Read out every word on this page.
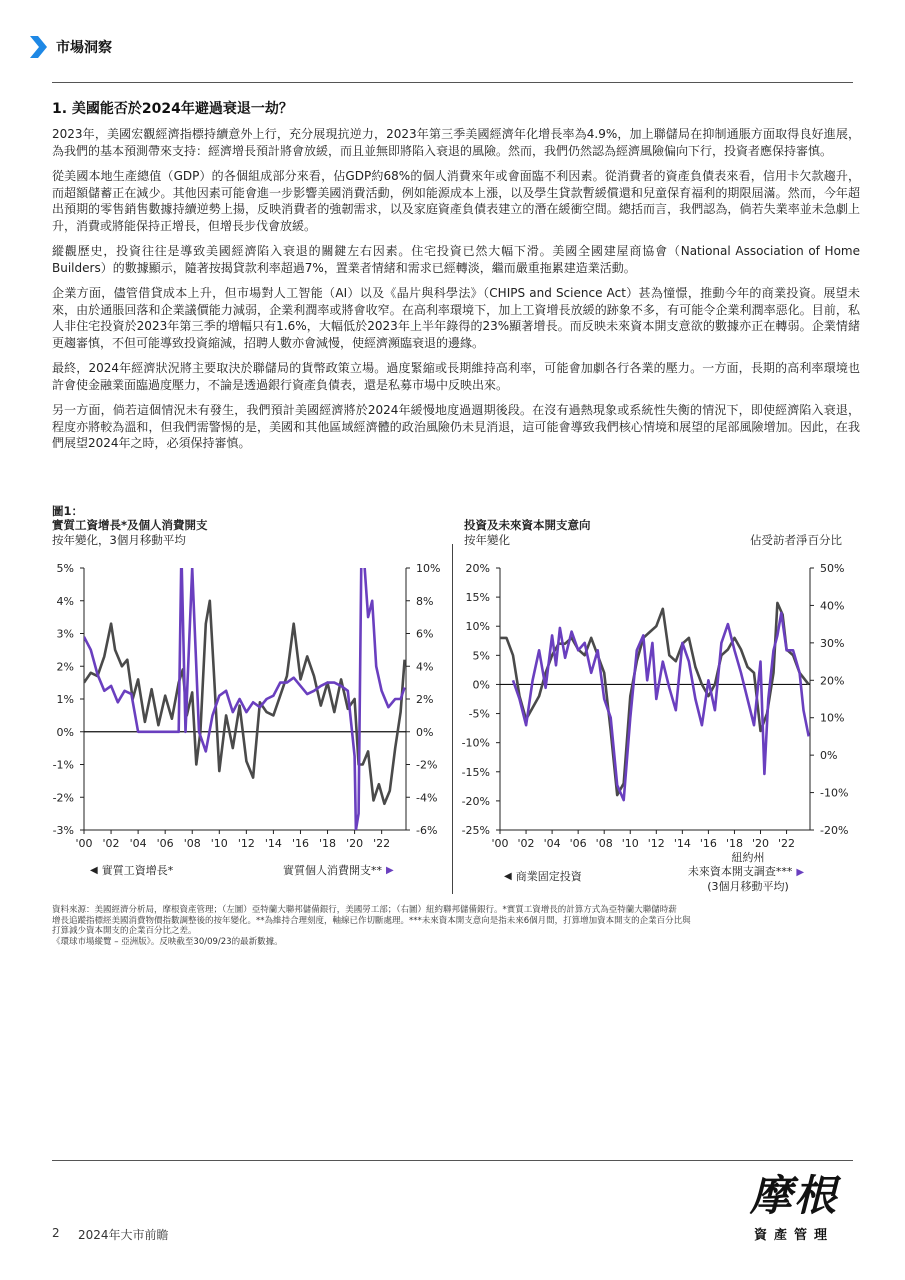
市場洞察
1. 美國能否於2024年避過衰退一劫？

2023年，美國宏觀經濟指標持續意外上行，充分展現抗逆力，2023年第三季美國經濟年化增長率為4.9%，加上聯儲局在抑制通脹方面取得良好進展，為我們的基本預測帶來支持：經濟增長預計將會放緩，而且並無即將陷入衰退的風險。然而，我們仍然認為經濟風險偏向下行，投資者應保持審慎。

從美國本地生產總值（GDP）的各個組成部分來看，佔GDP約68%的個人消費來年或會面臨不利因素。從消費者的資產負債表來看，信用卡欠款趨升，而超額儲蓄正在減少。其他因素可能會進一步影響美國消費活動，例如能源成本上漲，以及學生貸款暫緩償還和兒童保育福利的期限屆滿。然而，今年超出預期的零售銷售數據持續逆勢上揚，反映消費者的強韌需求，以及家庭資產負債表建立的潛在緩衝空間。總括而言，我們認為，倘若失業率並未急劇上升，消費或將能保持正增長，但增長步伐會放緩。

縱觀歷史，投資往往是導致美國經濟陷入衰退的關鍵左右因素。住宅投資已然大幅下滑。美國全國建屋商協會（National Association of Home Builders）的數據顯示，隨著按揭貸款利率超過7%，置業者情緒和需求已經轉淡，繼而嚴重拖累建造業活動。

企業方面，儘管借貸成本上升，但市場對人工智能（AI）以及《晶片與科學法》（CHIPS and Science Act）甚為憧憬，推動今年的商業投資。展望未來，由於通脹回落和企業議價能力減弱，企業利潤率或將會收窄。在高利率環境下，加上工資增長放緩的跡象不多，有可能令企業利潤率惡化。目前，私人非住宅投資於2023年第三季的增幅只有1.6%，大幅低於2023年上半年錄得的23%顯著增長。而反映未來資本開支意欲的數據亦正在轉弱。企業情緒更趨審慎，不但可能導致投資縮減，招聘人數亦會減慢，使經濟瀕臨衰退的邊緣。

最終，2024年經濟狀況將主要取決於聯儲局的貨幣政策立場。過度緊縮或長期維持高利率，可能會加劇各行各業的壓力。一方面，長期的高利率環境也許會使金融業面臨過度壓力，不論是透過銀行資產負債表，還是私募市場中反映出來。

另一方面，倘若這個情況未有發生，我們預計美國經濟將於2024年緩慢地度過週期後段。在沒有過熱現象或系統性失衡的情況下，即使經濟陷入衰退，程度亦將較為溫和，但我們需警惕的是，美國和其他區域經濟體的政治風險仍未見消退，這可能會導致我們核心情境和展望的尾部風險增加。因此，在我們展望2024年之時，必須保持審慎。

圖1：
實質工資增長*及個人消費開支
按年變化，3個月移動平均
投資及未來資本開支意向
按年變化	佔受訪者淨百分比
5%
4%
3%
2%
1%
0%
-1%
-2%
-3%
10%
8%
6%
4%
2%
0%
-2%
-4%
-6%
'00 '02 '04 '06 '08 '10 '12 '14 '16 '18 '20 '22
20%
15%
10%
5%
0%
-5%
-10%
-15%
-20%
-25%
50%
40%
30%
20%
10%
0%
-10%
-20%
'00 '02 '04 '06 '08 '10 '12 '14 '16 '18 '20 '22
◀ 實質工資增長*	實質個人消費開支** ▶
◀ 商業固定投資
紐約州
未來資本開支調查*** ▶
(3個月移動平均)
資料來源：美國經濟分析局，摩根資產管理；（左圖）亞特蘭大聯邦儲備銀行，美國勞工部；（右圖）紐約聯邦儲備銀行。*實質工資增長的計算方式為亞特蘭大聯儲時薪
增長追蹤指標經美國消費物價指數調整後的按年變化。**為維持合理刻度，軸線已作切斷處理。***未來資本開支意向是指未來6個月間，打算增加資本開支的企業百分比與
打算減少資本開支的企業百分比之差。
《環球市場縱覽 – 亞洲版》。反映截至30/09/23的最新數據。
2 2024年大市前瞻
摩根
資產管理
